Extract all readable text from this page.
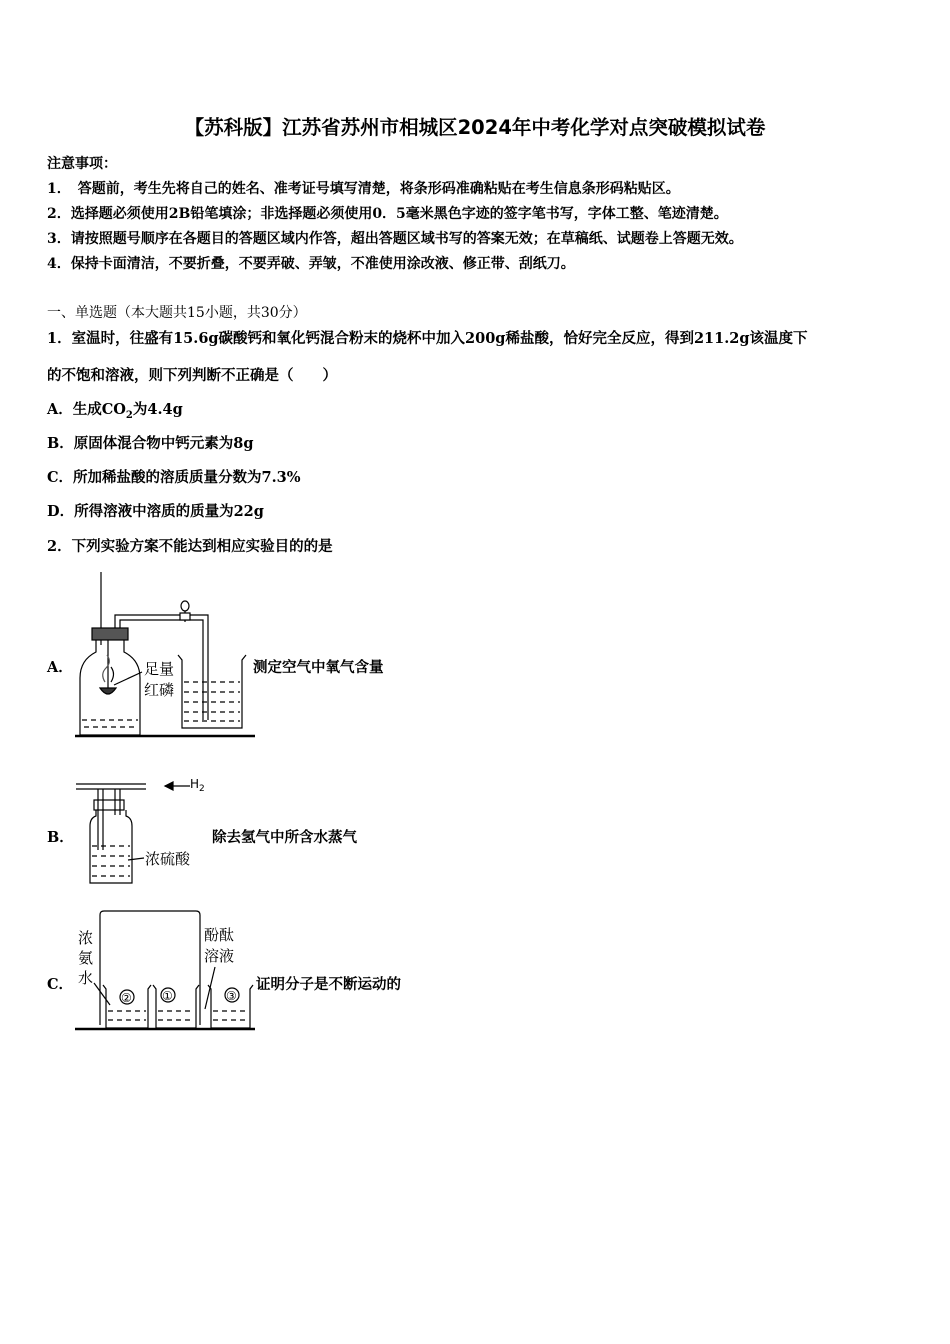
【苏科版】江苏省苏州市相城区2024年中考化学对点突破模拟试卷
注意事项：
1．　答题前，考生先将自己的姓名、准考证号填写清楚，将条形码准确粘贴在考生信息条形码粘贴区。
2．选择题必须使用2B铅笔填涂；非选择题必须使用0．5毫米黑色字迹的签字笔书写，字体工整、笔迹清楚。
3．请按照题号顺序在各题目的答题区域内作答，超出答题区域书写的答案无效；在草稿纸、试题卷上答题无效。
4．保持卡面清洁，不要折叠，不要弄破、弄皱，不准使用涂改液、修正带、刮纸刀。
一、单选题（本大题共15小题，共30分）
1．室温时，往盛有15.6g碳酸钙和氧化钙混合粉末的烧杯中加入200g稀盐酸，恰好完全反应，得到211.2g该温度下
的不饱和溶液，则下列判断不正确是（　　）
A．生成$CO_2$为4.4g
B．原固体混合物中钙元素为8g
C．所加稀盐酸的溶质质量分数为7.3%
D．所得溶液中溶质的质量为22g
2．下列实验方案不能达到相应实验目的的是
A．	足量
红磷
测定空气中氧气含量
B．
$H_2$
浓硫酸
除去氢气中所含水蒸气
C．
②	①	③
浓
氨
水
酚酞
溶液
证明分子是不断运动的
